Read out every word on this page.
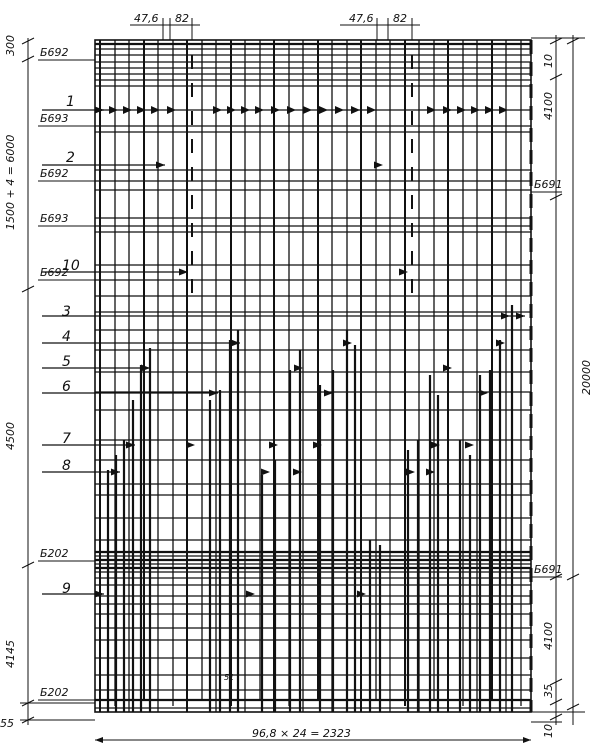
300
1500 + 4 = 6000
4500
4145
55
10
4100
20000
4100
35
10
47,6 82	47,6 82
96,8 × 24 = 2323
Б692
Б693
Б692
Б693
Б692
Б202
Б202
Б691
Б691
1
2
10
3
4
5
6
7
8
9
51
